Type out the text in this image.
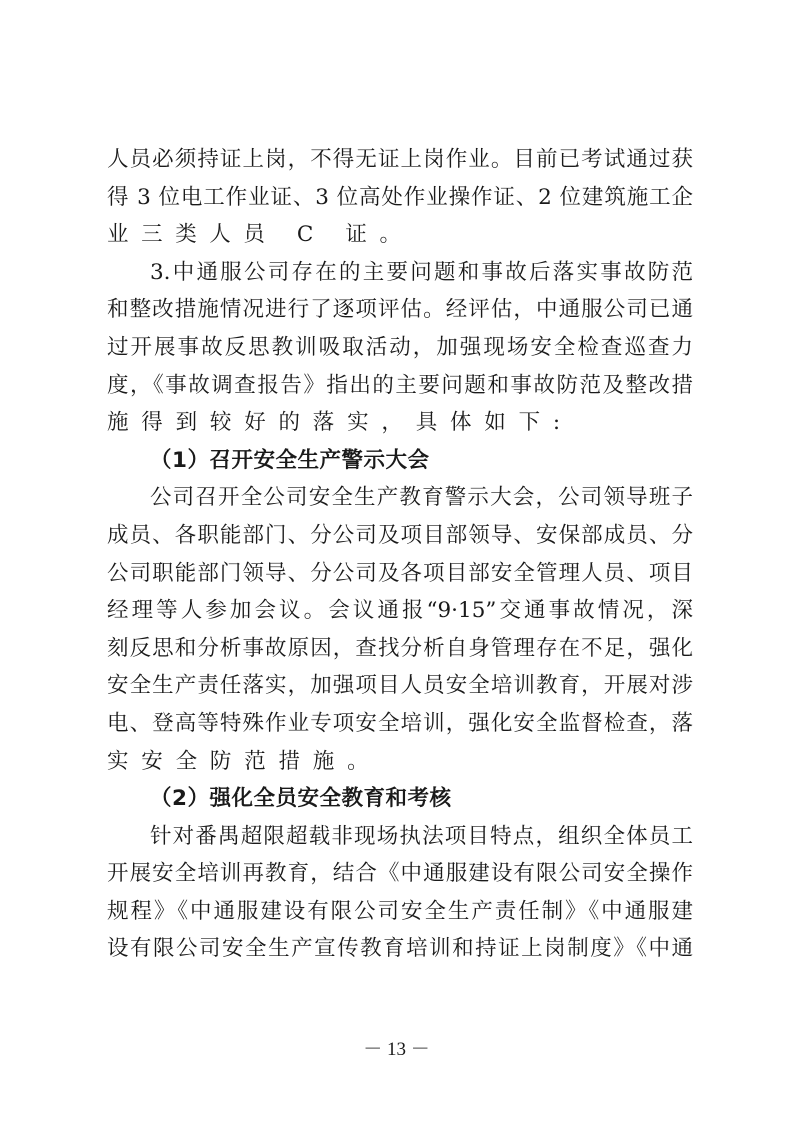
人员必须持证上岗，不得无证上岗作业。目前已考试通过获
得 3 位电工作业证、3 位高处作业操作证、2 位建筑施工企
业三类人员 C 证。
3.中通服公司存在的主要问题和事故后落实事故防范
和整改措施情况进行了逐项评估。经评估，中通服公司已通
过开展事故反思教训吸取活动，加强现场安全检查巡查力
度，《事故调查报告》指出的主要问题和事故防范及整改措
施得到较好的落实，具体如下:
（1）召开安全生产警示大会
公司召开全公司安全生产教育警示大会，公司领导班子
成员、各职能部门、分公司及项目部领导、安保部成员、分
公司职能部门领导、分公司及各项目部安全管理人员、项目
经理等人参加会议。会议通报“9·15”交通事故情况，深
刻反思和分析事故原因，查找分析自身管理存在不足，强化
安全生产责任落实，加强项目人员安全培训教育，开展对涉
电、登高等特殊作业专项安全培训，强化安全监督检查，落
实安全防范措施。
（2）强化全员安全教育和考核
针对番禺超限超载非现场执法项目特点，组织全体员工
开展安全培训再教育，结合《中通服建设有限公司安全操作
规程》《中通服建设有限公司安全生产责任制》《中通服建
设有限公司安全生产宣传教育培训和持证上岗制度》《中通
－ 13 －
